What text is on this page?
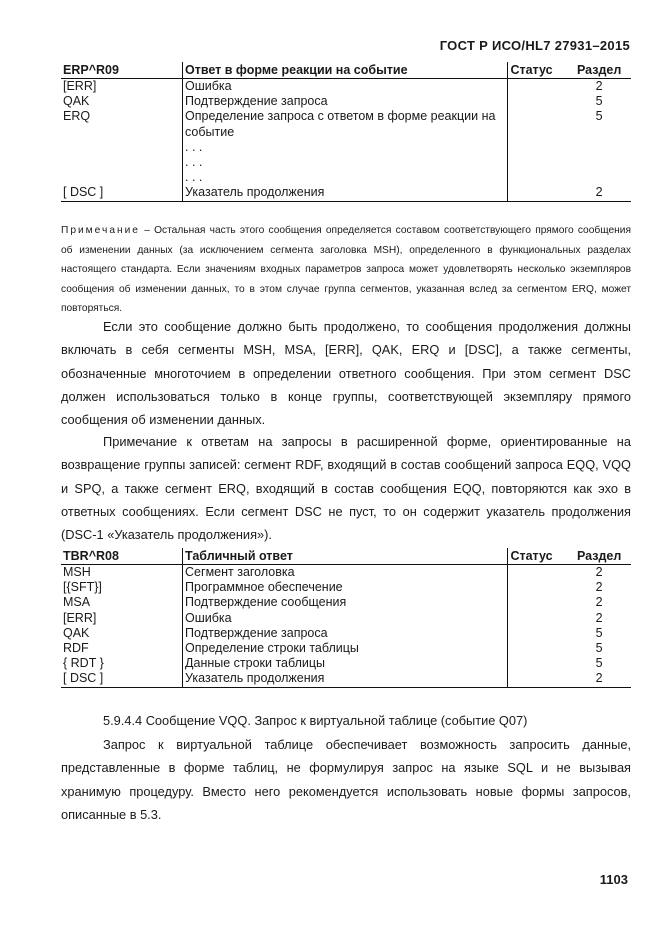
ГОСТ Р ИСО/HL7 27931–2015
ERP^R09	Ответ в форме реакции на событие	Статус	Раздел
[ERR]	Ошибка		2
QAK	Подтверждение запроса		5
ERQ	Определение запроса с ответом в форме реакции на событие		5
	. . .		
	. . .		
	. . .		
[ DSC ]	Указатель продолжения		2
Примечание – Остальная часть этого сообщения определяется составом соответствующего прямого сообщения об изменении данных (за исключением сегмента заголовка MSH), определенного в функциональных разделах настоящего стандарта. Если значениям входных параметров запроса может удовлетворять несколько экземпляров сообщения об изменении данных, то в этом случае группа сегментов, указанная вслед за сегментом ERQ, может повторяться.
Если это сообщение должно быть продолжено, то сообщения продолжения должны включать в себя сегменты MSH, MSA, [ERR], QAK, ERQ и [DSC], а также сегменты, обозначенные многоточием в определении ответного сообщения. При этом сегмент DSC должен использоваться только в конце группы, соответствующей экземпляру прямого сообщения об изменении данных.
Примечание к ответам на запросы в расширенной форме, ориентированные на возвращение группы записей: сегмент RDF, входящий в состав сообщений запроса EQQ, VQQ и SPQ, а также сегмент ERQ, входящий в состав сообщения EQQ, повторяются как эхо в ответных сообщениях. Если сегмент DSC не пуст, то он содержит указатель продолжения (DSC-1 «Указатель продолжения»).
TBR^R08	Табличный ответ	Статус	Раздел
MSH	Сегмент заголовка		2
[{SFT}]	Программное обеспечение		2
MSA	Подтверждение сообщения		2
[ERR]	Ошибка		2
QAK	Подтверждение запроса		5
RDF	Определение строки таблицы		5
{ RDT }	Данные строки таблицы		5
[ DSC ]	Указатель продолжения		2
5.9.4.4 Сообщение VQQ. Запрос к виртуальной таблице (событие Q07)
Запрос к виртуальной таблице обеспечивает возможность запросить данные, представленные в форме таблиц, не формулируя запрос на языке SQL и не вызывая хранимую процедуру. Вместо него рекомендуется использовать новые формы запросов, описанные в 5.3.
1103
